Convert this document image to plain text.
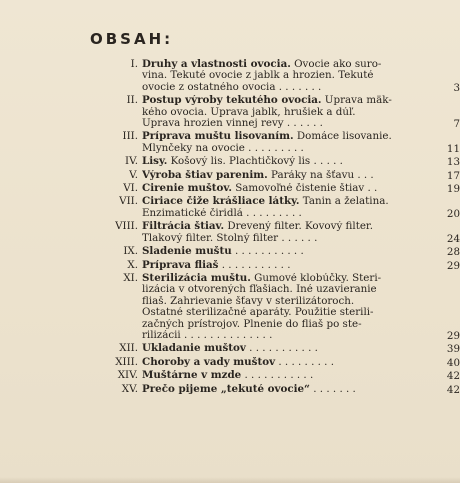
OBSAH:
I. Druhy a vlastnosti ovocia. Ovocie ako suro-
vina. Tekuté ovocie z jabĺk a hrozien. Tekuté
ovocie z ostatného ovocia . . . . . . .	3
II. Postup výroby tekutého ovocia. Úprava mäk-
kého ovocia. Úprava jabĺk, hrušiek a dúľ.
Úprava hrozien vinnej revy . . . . . .	7
III. Príprava muštu lisovaním. Domáce lisovanie.
Mlynčeky na ovocie . . . . . . . . .	11
IV. Lisy. Košový lis. Plachtičkový lis . . . . .	13
V. Výroba štiav parenim. Paráky na šťavu . . .	17
VI. Čirenie muštov. Samovoľné čistenie štiav . .	19
VII. Čiriace čiže krášliace látky. Tanin a želatina.
Enzimatické čiridlá . . . . . . . . .	20
VIII. Filtrácia štiav. Drevený filter. Kovový filter.
Tlakový filter. Stolný filter . . . . . .	24
IX. Sladenie muštu . . . . . . . . . . .	28
X. Príprava fliaš . . . . . . . . . . .	29
XI. Sterilizácia muštu. Gumové klobúčky. Steri-
lizácia v otvorených fľašiach. Iné uzavieranie
fliaš. Zahrievanie šťavy v sterilizátoroch.
Ostatné sterilizačné aparáty. Použitie sterili-
začných prístrojov. Plnenie do fliaš po ste-
rilizácii . . . . . . . . . . . . . .	29
XII. Ukladanie muštov . . . . . . . . . . .	39
XIII. Choroby a vady muštov . . . . . . . . .	40
XIV. Muštárne v mzde . . . . . . . . . . .	42
XV. Prečo pijeme „tekuté ovocie“ . . . . . . .	42
